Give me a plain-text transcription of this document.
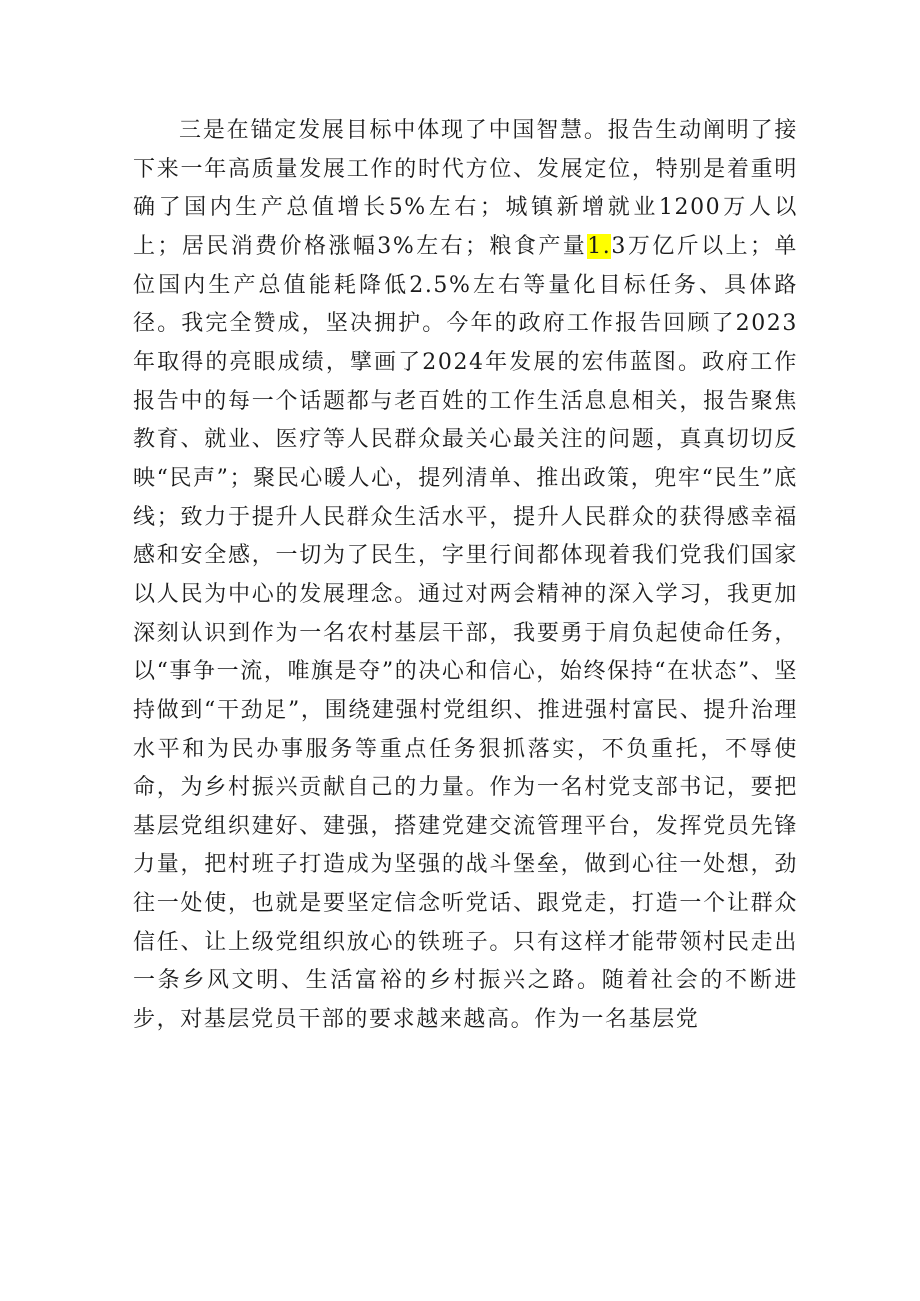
三是在锚定发展目标中体现了中国智慧。报告生动阐明了接下来一年高质量发展工作的时代方位、发展定位，特别是着重明确了国内生产总值增长5%左右；城镇新增就业1200万人以上；居民消费价格涨幅3%左右；粮食产量1.3万亿斤以上；单位国内生产总值能耗降低2.5%左右等量化目标任务、具体路径。我完全赞成，坚决拥护。今年的政府工作报告回顾了2023年取得的亮眼成绩，擘画了2024年发展的宏伟蓝图。政府工作报告中的每一个话题都与老百姓的工作生活息息相关，报告聚焦教育、就业、医疗等人民群众最关心最关注的问题，真真切切反映“民声”；聚民心暖人心，提列清单、推出政策，兜牢“民生”底线；致力于提升人民群众生活水平，提升人民群众的获得感幸福感和安全感，一切为了民生，字里行间都体现着我们党我们国家以人民为中心的发展理念。通过对两会精神的深入学习，我更加深刻认识到作为一名农村基层干部，我要勇于肩负起使命任务，以“事争一流，唯旗是夺”的决心和信心，始终保持“在状态”、坚持做到“干劲足”，围绕建强村党组织、推进强村富民、提升治理水平和为民办事服务等重点任务狠抓落实，不负重托，不辱使命，为乡村振兴贡献自己的力量。作为一名村党支部书记，要把基层党组织建好、建强，搭建党建交流管理平台，发挥党员先锋力量，把村班子打造成为坚强的战斗堡垒，做到心往一处想，劲往一处使，也就是要坚定信念听党话、跟党走，打造一个让群众信任、让上级党组织放心的铁班子。只有这样才能带领村民走出一条乡风文明、生活富裕的乡村振兴之路。随着社会的不断进步，对基层党员干部的要求越来越高。作为一名基层党
